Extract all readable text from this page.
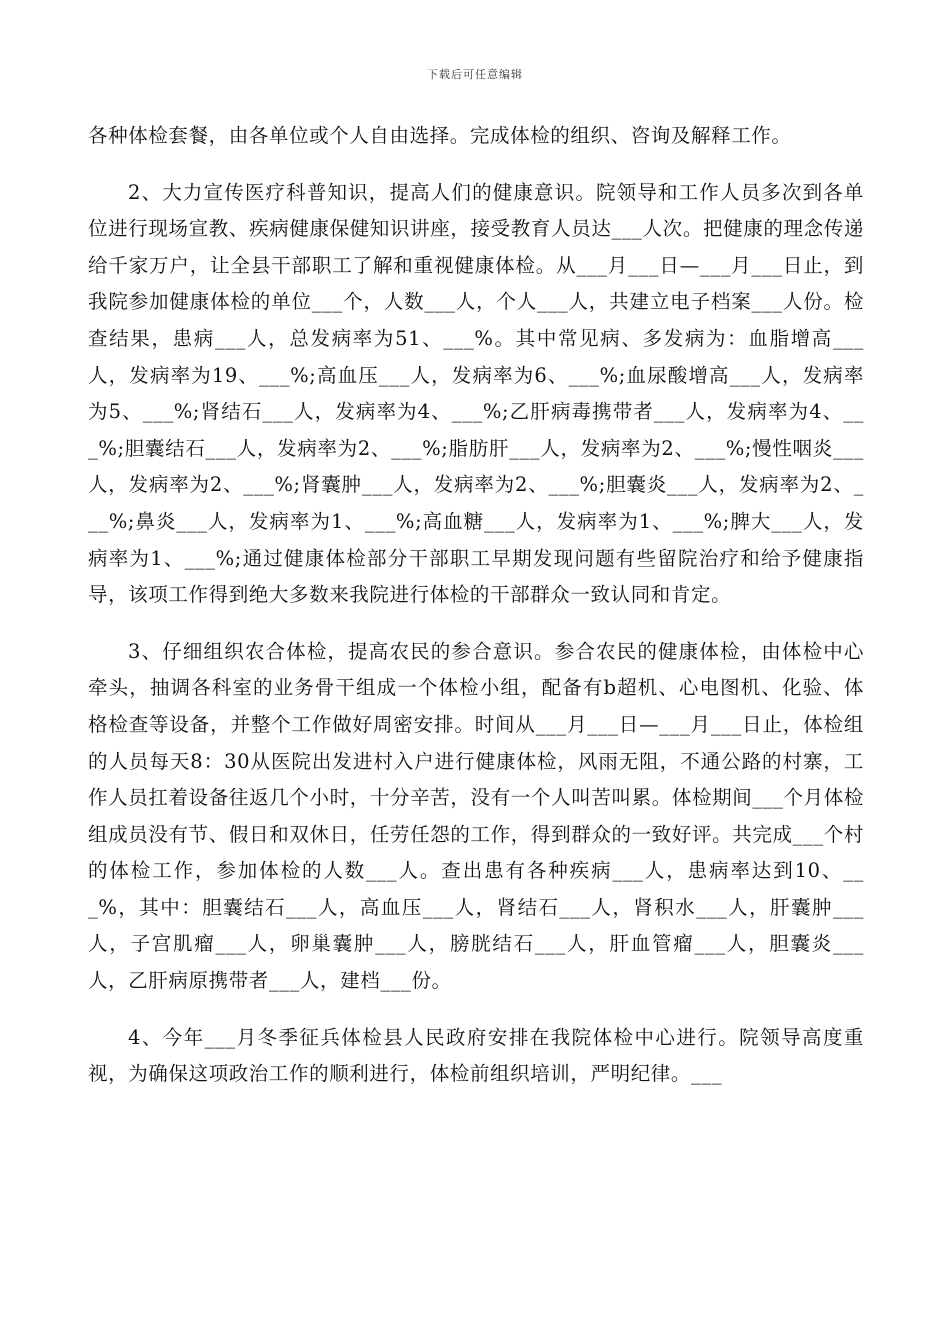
下载后可任意编辑

各种体检套餐，由各单位或个人自由选择。完成体检的组织、咨询及解释工作。

2、大力宣传医疗科普知识，提高人们的健康意识。院领导和工作人员多次到各单位进行现场宣教、疾病健康保健知识讲座，接受教育人员达___人次。把健康的理念传递给千家万户，让全县干部职工了解和重视健康体检。从___月___日—___月___日止，到我院参加健康体检的单位___个，人数___人，个人___人，共建立电子档案___人份。检查结果，患病___人，总发病率为51、___%。其中常见病、多发病为：血脂增高___人，发病率为19、___%;高血压___人，发病率为6、___%;血尿酸增高___人，发病率为5、___%;肾结石___人，发病率为4、___%;乙肝病毒携带者___人，发病率为4、___%;胆囊结石___人，发病率为2、___%;脂肪肝___人，发病率为2、___%;慢性咽炎___人，发病率为2、___%;肾囊肿___人，发病率为2、___%;胆囊炎___人，发病率为2、___%;鼻炎___人，发病率为1、___%;高血糖___人，发病率为1、___%;脾大___人，发病率为1、___%;通过健康体检部分干部职工早期发现问题有些留院治疗和给予健康指导，该项工作得到绝大多数来我院进行体检的干部群众一致认同和肯定。

3、仔细组织农合体检，提高农民的参合意识。参合农民的健康体检，由体检中心牵头，抽调各科室的业务骨干组成一个体检小组，配备有b超机、心电图机、化验、体格检查等设备，并整个工作做好周密安排。时间从___月___日—___月___日止，体检组的人员每天8：30从医院出发进村入户进行健康体检，风雨无阻，不通公路的村寨，工作人员扛着设备往返几个小时，十分辛苦，没有一个人叫苦叫累。体检期间___个月体检组成员没有节、假日和双休日，任劳任怨的工作，得到群众的一致好评。共完成___个村的体检工作，参加体检的人数___人。查出患有各种疾病___人，患病率达到10、___%，其中：胆囊结石___人，高血压___人，肾结石___人，肾积水___人，肝囊肿___人，子宫肌瘤___人，卵巢囊肿___人，膀胱结石___人，肝血管瘤___人，胆囊炎___人，乙肝病原携带者___人，建档___份。

4、今年___月冬季征兵体检县人民政府安排在我院体检中心进行。院领导高度重视，为确保这项政治工作的顺利进行，体检前组织培训，严明纪律。___
